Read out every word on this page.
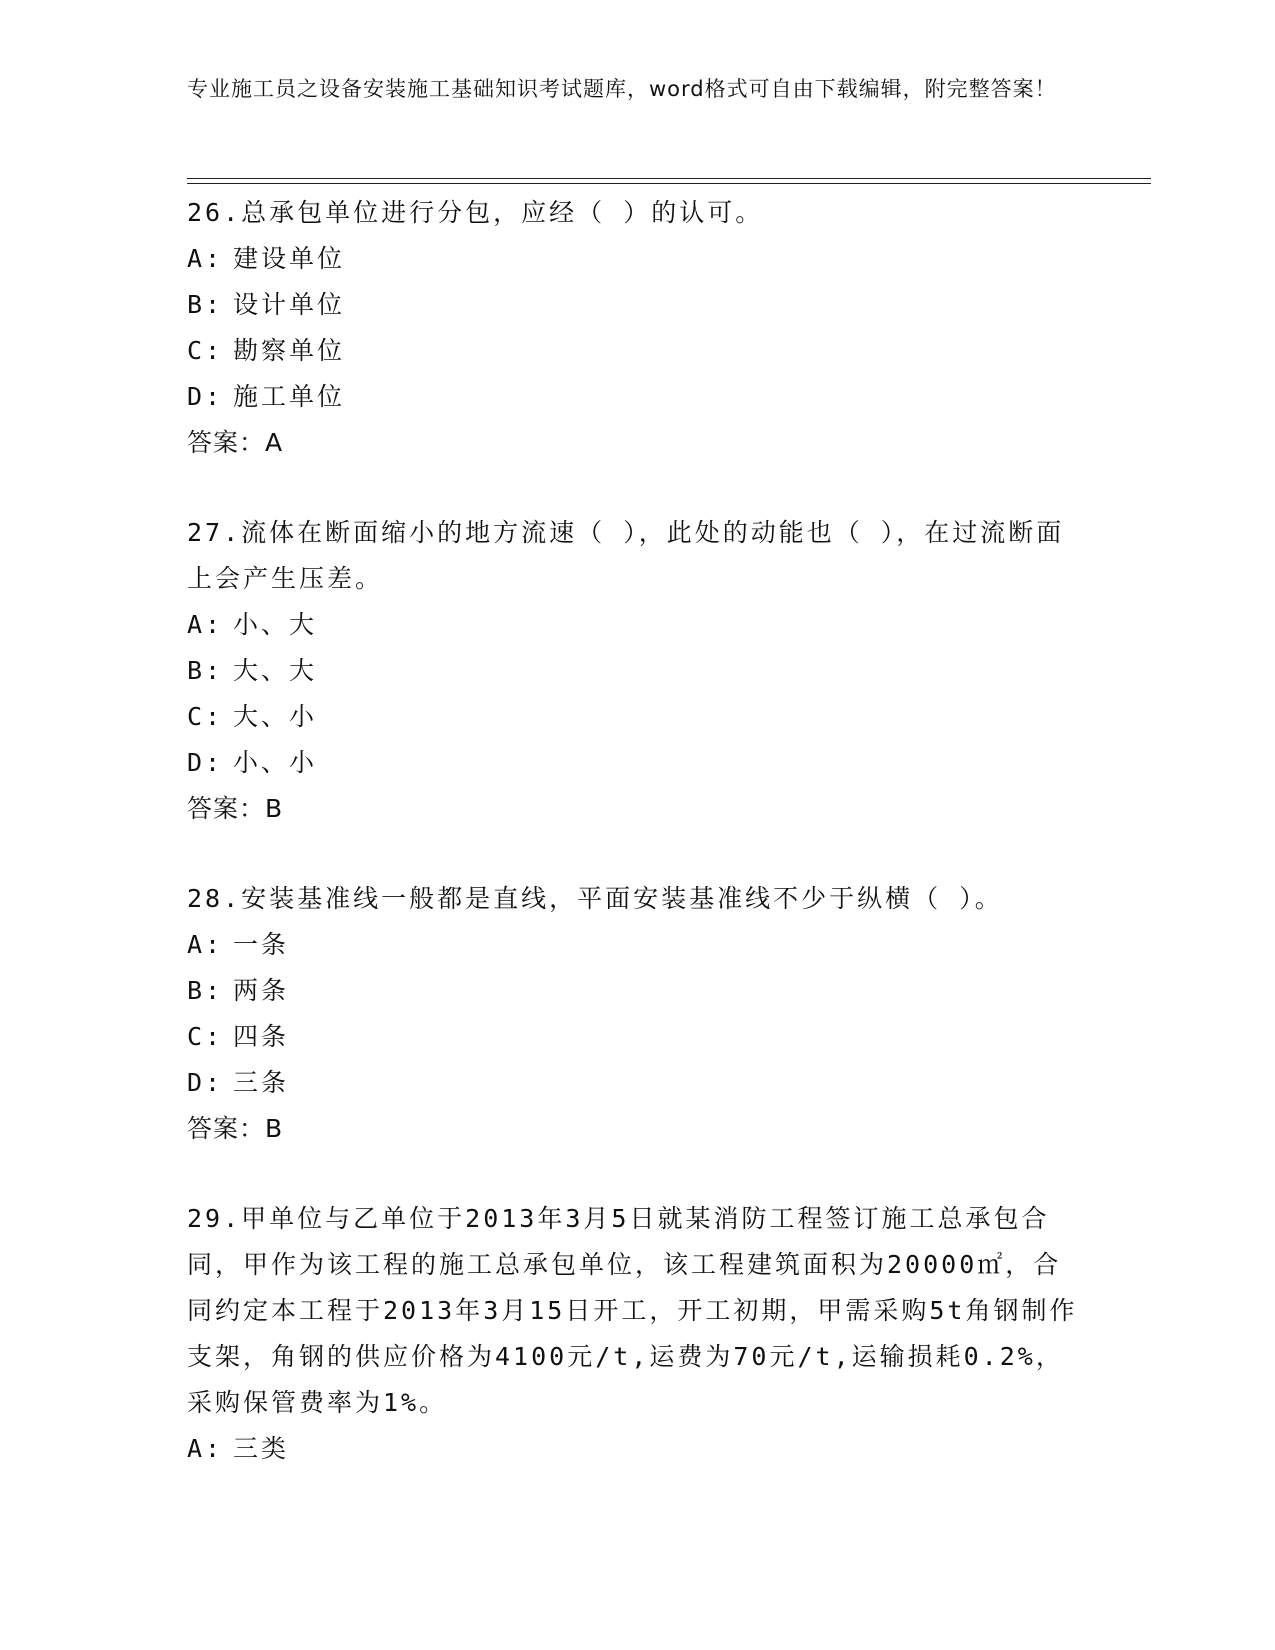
专业施工员之设备安装施工基础知识考试题库，word格式可自由下载编辑，附完整答案！
26.总承包单位进行分包，应经（ ）的认可。
A: 建设单位
B: 设计单位
C: 勘察单位
D: 施工单位
答案：A
27.流体在断面缩小的地方流速（ ），此处的动能也（ ），在过流断面上会产生压差。
A: 小、大
B: 大、大
C: 大、小
D: 小、小
答案：B
28.安装基准线一般都是直线，平面安装基准线不少于纵横（ ）。
A: 一条
B: 两条
C: 四条
D: 三条
答案：B
29.甲单位与乙单位于2013年3月5日就某消防工程签订施工总承包合同，甲作为该工程的施工总承包单位，该工程建筑面积为20000㎡，合同约定本工程于2013年3月15日开工，开工初期，甲需采购5t角钢制作支架，角钢的供应价格为4100元/t,运费为70元/t,运输损耗0.2%，采购保管费率为1%。
A: 三类
